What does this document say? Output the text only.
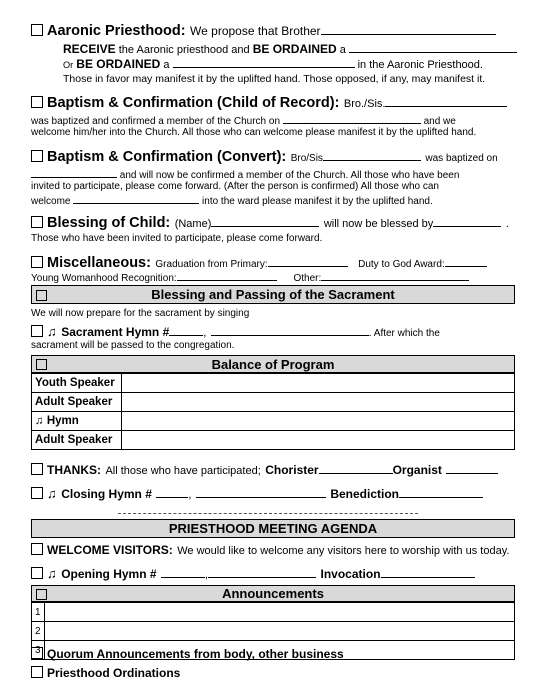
Aaronic Priesthood: We propose that Brother
RECEIVE the Aaronic priesthood and BE ORDAINED a
Or BE ORDAINED a	in the Aaronic Priesthood.
Those in favor may manifest it by the uplifted hand. Those opposed, if any, may manifest it.
Baptism & Confirmation (Child of Record): Bro./Sis.
was baptized and confirmed a member of the Church on	and we
welcome him/her into the Church. All those who can welcome please manifest it by the uplifted hand.
Baptism & Confirmation (Convert): Bro/Sis	was baptized on
and will now be confirmed a member of the Church. All those who have been
invited to participate, please come forward. (After the person is confirmed) All those who can
welcome	into the ward please manifest it by the uplifted hand.
Blessing of Child: (Name)	will now be blessed by	.
Those who have been invited to participate, please come forward.
Miscellaneous: Graduation from Primary:	Duty to God Award:
Young Womanhood Recognition:	Other:
Blessing and Passing of the Sacrament
We will now prepare for the sacrament by singing
♫ Sacrament Hymn #	,	. After which the
sacrament will be passed to the congregation.
Balance of Program
Youth Speaker	
Adult Speaker	
♫ Hymn	
Adult Speaker	
THANKS: All those who have participated; Chorister	Organist
♫ Closing Hymn #	,	Benediction
PRIESTHOOD MEETING AGENDA
WELCOME VISITORS: We would like to welcome any visitors here to worship with us today.
♫ Opening Hymn #	,	Invocation
Announcements
1	
2	
3	Quorum Announcements from body, other business
Priesthood Ordinations
